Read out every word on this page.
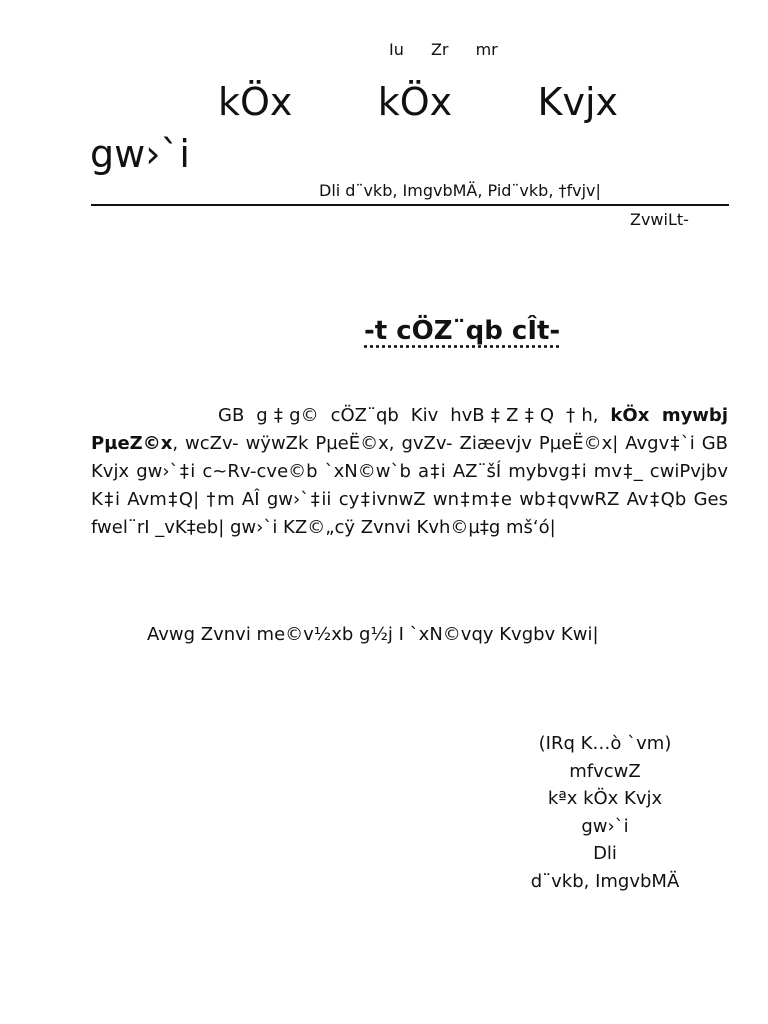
Iu Zr mr
kÖx kÖx Kvjx
gw›`i
Dli d¨vkb, ImgvbMÄ, Pid¨vkb, †fvjv|
ZvwiLt-
-t cÖZ¨qb cÎt-
GB g‡g© cÖZ¨qb Kiv hvB‡Z‡Q †h, kÖx mywbj PµeZ©x, wcZv- wÿwZk PµeË©x, gvZv- Ziæevjv PµeË©x| Avgv‡`i GB Kvjx gw›`‡i c~Rv-cve©b `xN©w`b a‡i AZ¨šÍ mybvg‡i mv‡_ cwiPvjbv K‡i Avm‡Q| †m AÎ gw›`‡ii cy‡ivnwZ wn‡m‡e wb‡qvwRZ Av‡Qb Ges fwel¨rI _vK‡eb| gw›`i KZ©„cÿ Zvnvi Kvh©µ‡g mš‘ó|
Avwg Zvnvi me©v½xb g½j I `xN©vqy Kvgbv Kwi|
(IRq K…ò `vm)
mfvcwZ
kªx kÖx Kvjx
gw›`i
Dli
d¨vkb, ImgvbMÄ
